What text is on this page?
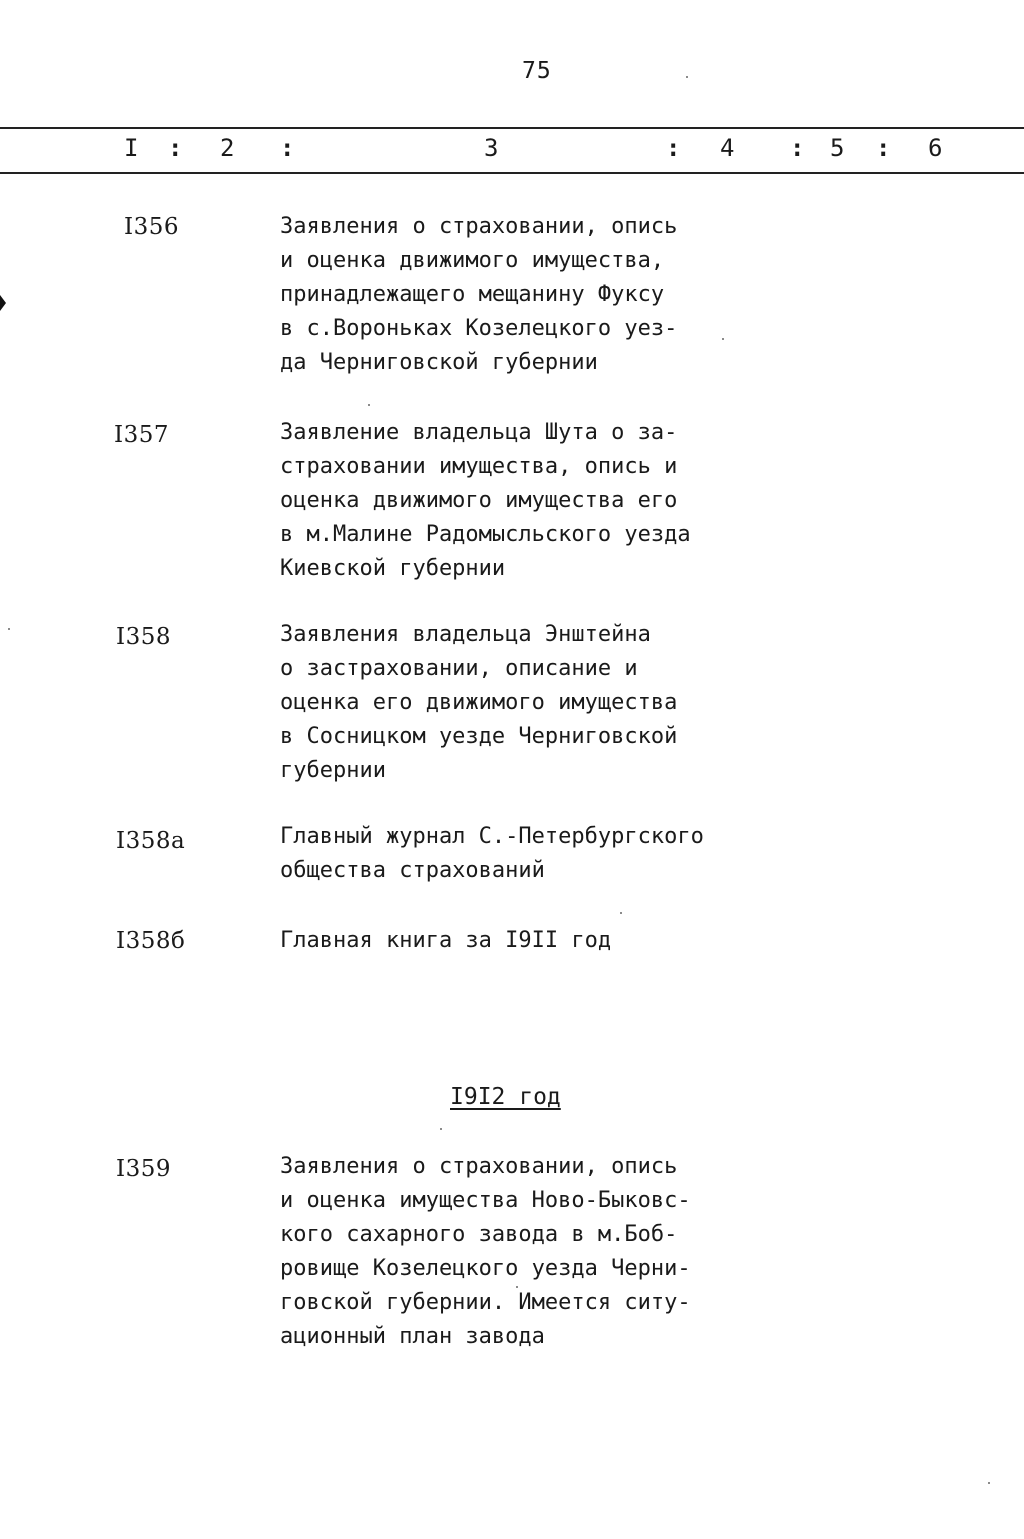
75
I : 2 :	3	: 4 : 5 : 6
I356	Заявления о страховании, опись
и оценка движимого имущества,
принадлежащего мещанину Фуксу
в с.Вороньках Козелецкого уез-
да Черниговской губернии

I357	Заявление владельца Шута о за-
страховании имущества, опись и
оценка движимого имущества его
в м.Малине Радомысльского уезда
Киевской губернии

I358	Заявления владельца Энштейна
о застраховании, описание и
оценка его движимого имущества
в Сосницком уезде Черниговской
губернии

I358а	Главный журнал С.-Петербургского
общества страхований

I358б	Главная книга за I9II год

I9I2 год
I359	Заявления о страховании, опись
и оценка имущества Ново-Быковс-
кого сахарного завода в м.Боб-
ровище Козелецкого уезда Черни-
говской губернии. Имеется ситу-
ационный план завода
